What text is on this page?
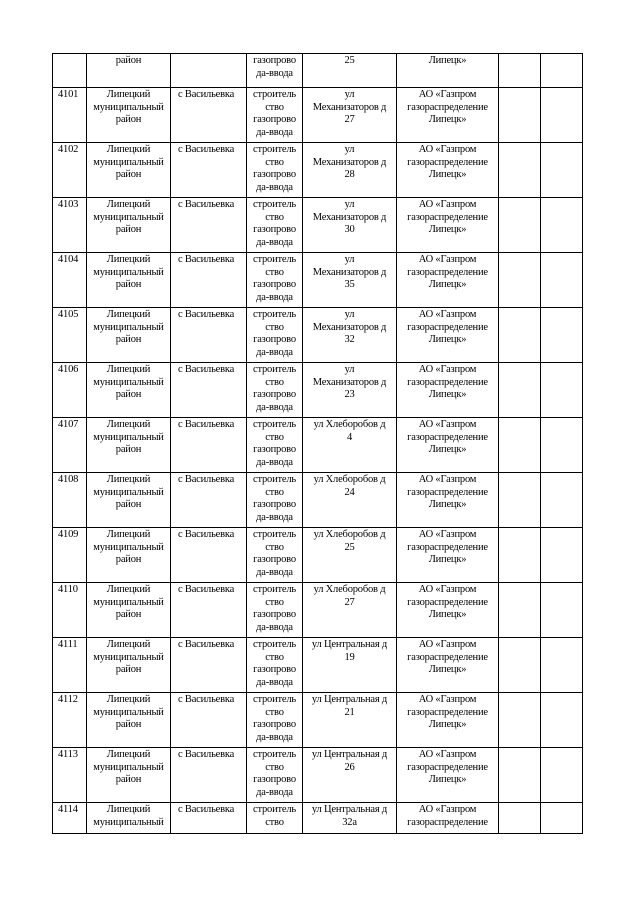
	район		газопрово
да-ввода	25	Липецк»		

4101	Липецкий
муниципальный
район	с Васильевка	строитель
ство
газопрово
да-ввода	ул
Механизаторов д
27	АО «Газпром
газораспределение
Липецк»		

4102	Липецкий
муниципальный
район	с Васильевка	строитель
ство
газопрово
да-ввода	ул
Механизаторов д
28	АО «Газпром
газораспределение
Липецк»		

4103	Липецкий
муниципальный
район	с Васильевка	строитель
ство
газопрово
да-ввода	ул
Механизаторов д
30	АО «Газпром
газораспределение
Липецк»		

4104	Липецкий
муниципальный
район	с Васильевка	строитель
ство
газопрово
да-ввода	ул
Механизаторов д
35	АО «Газпром
газораспределение
Липецк»		

4105	Липецкий
муниципальный
район	с Васильевка	строитель
ство
газопрово
да-ввода	ул
Механизаторов д
32	АО «Газпром
газораспределение
Липецк»		

4106	Липецкий
муниципальный
район	с Васильевка	строитель
ство
газопрово
да-ввода	ул
Механизаторов д
23	АО «Газпром
газораспределение
Липецк»		

4107	Липецкий
муниципальный
район	с Васильевка	строитель
ство
газопрово
да-ввода	ул Хлеборобов д
4	АО «Газпром
газораспределение
Липецк»		

4108	Липецкий
муниципальный
район	с Васильевка	строитель
ство
газопрово
да-ввода	ул Хлеборобов д
24	АО «Газпром
газораспределение
Липецк»		

4109	Липецкий
муниципальный
район	с Васильевка	строитель
ство
газопрово
да-ввода	ул Хлеборобов д
25	АО «Газпром
газораспределение
Липецк»		

4110	Липецкий
муниципальный
район	с Васильевка	строитель
ство
газопрово
да-ввода	ул Хлеборобов д
27	АО «Газпром
газораспределение
Липецк»		

4111	Липецкий
муниципальный
район	с Васильевка	строитель
ство
газопрово
да-ввода	ул Центральная д
19	АО «Газпром
газораспределение
Липецк»		

4112	Липецкий
муниципальный
район	с Васильевка	строитель
ство
газопрово
да-ввода	ул Центральная д
21	АО «Газпром
газораспределение
Липецк»		

4113	Липецкий
муниципальный
район	с Васильевка	строитель
ство
газопрово
да-ввода	ул Центральная д
26	АО «Газпром
газораспределение
Липецк»		

4114	Липецкий
муниципальный	с Васильевка	строитель
ство	ул Центральная д
32а	АО «Газпром
газораспределение		
